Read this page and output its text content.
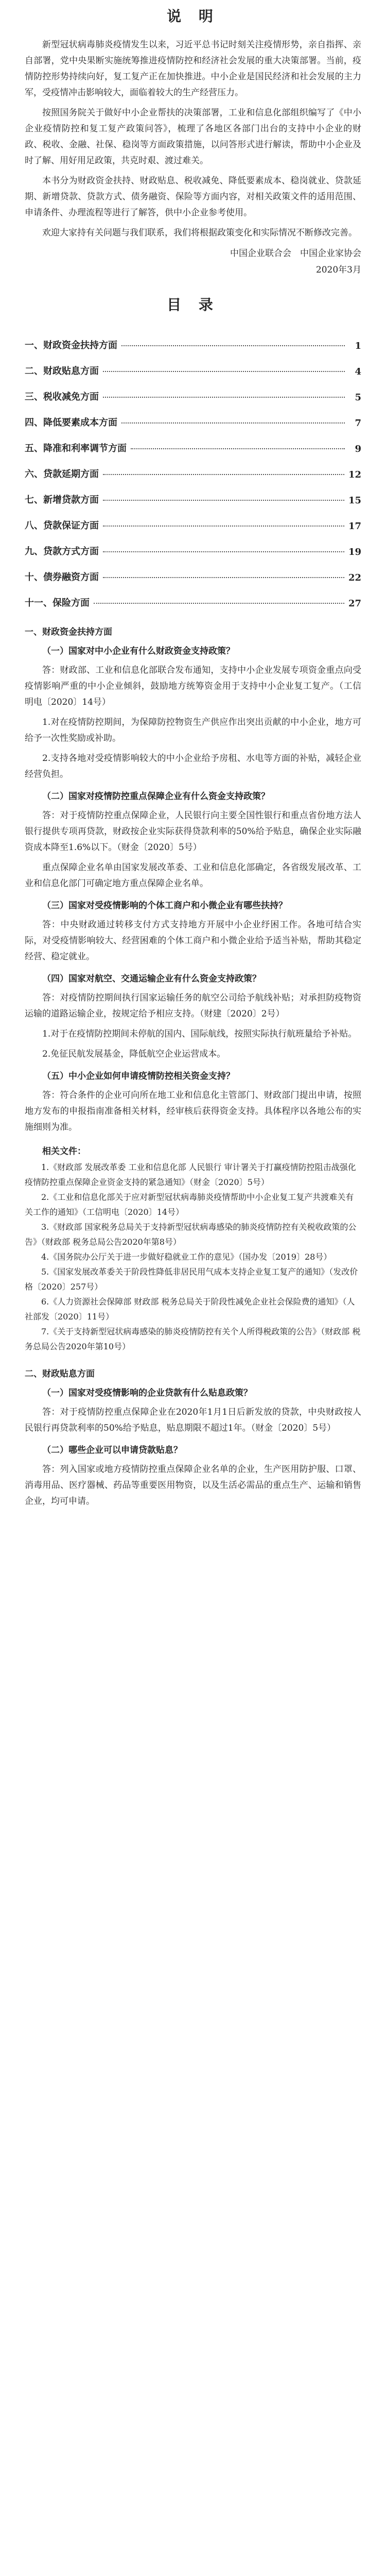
说 明

新型冠状病毒肺炎疫情发生以来，习近平总书记时刻关注疫情形势，亲自指挥、亲自部署，党中央果断实施统筹推进疫情防控和经济社会发展的重大决策部署。当前，疫情防控形势持续向好，复工复产正在加快推进。中小企业是国民经济和社会发展的主力军，受疫情冲击影响较大，面临着较大的生产经营压力。

按照国务院关于做好中小企业帮扶的决策部署，工业和信息化部组织编写了《中小企业疫情防控和复工复产政策问答》，梳理了各地区各部门出台的支持中小企业的财政、税收、金融、社保、稳岗等方面政策措施，以问答形式进行解读，帮助中小企业及时了解、用好用足政策，共克时艰、渡过难关。

本书分为财政资金扶持、财政贴息、税收减免、降低要素成本、稳岗就业、贷款延期、新增贷款、贷款方式、债务融资、保险等方面内容，对相关政策文件的适用范围、申请条件、办理流程等进行了解答，供中小企业参考使用。

欢迎大家持有关问题与我们联系，我们将根据政策变化和实际情况不断修改完善。

中国企业联合会　中国企业家协会
2020年3月
目 录
一、财政资金扶持方面	1
二、财政贴息方面	4
三、税收减免方面	5
四、降低要素成本方面	7
五、降准和利率调节方面	9
六、贷款延期方面	12
七、新增贷款方面	15
八、贷款保证方面	17
九、贷款方式方面	19
十、债券融资方面	22
十一、保险方面	27
一、财政资金扶持方面

（一）国家对中小企业有什么财政资金支持政策？

答：财政部、工业和信息化部联合发布通知，支持中小企业发展专项资金重点向受疫情影响严重的中小企业倾斜，鼓励地方统筹资金用于支持中小企业复工复产。（工信明电〔2020〕14号）

1.对在疫情防控期间，为保障防控物资生产供应作出突出贡献的中小企业，地方可给予一次性奖励或补助。

2.支持各地对受疫情影响较大的中小企业给予房租、水电等方面的补贴，减轻企业经营负担。

（二）国家对疫情防控重点保障企业有什么资金支持政策？

答：对于疫情防控重点保障企业，人民银行向主要全国性银行和重点省份地方法人银行提供专项再贷款，财政按企业实际获得贷款利率的50%给予贴息，确保企业实际融资成本降至1.6%以下。（财金〔2020〕5号）

重点保障企业名单由国家发展改革委、工业和信息化部确定，各省级发展改革、工业和信息化部门可确定地方重点保障企业名单。

（三）国家对受疫情影响的个体工商户和小微企业有哪些扶持？

答：中央财政通过转移支付方式支持地方开展中小企业纾困工作。各地可结合实际，对受疫情影响较大、经营困难的个体工商户和小微企业给予适当补贴，帮助其稳定经营、稳定就业。

（四）国家对航空、交通运输企业有什么资金支持政策？

答：对疫情防控期间执行国家运输任务的航空公司给予航线补贴；对承担防疫物资运输的道路运输企业，按规定给予相应支持。（财建〔2020〕2号）

1.对于在疫情防控期间未停航的国内、国际航线，按照实际执行航班量给予补贴。

2.免征民航发展基金，降低航空企业运营成本。

（五）中小企业如何申请疫情防控相关资金支持？

答：符合条件的企业可向所在地工业和信息化主管部门、财政部门提出申请，按照地方发布的申报指南准备相关材料，经审核后获得资金支持。具体程序以各地公布的实施细则为准。

相关文件：

1.《财政部 发展改革委 工业和信息化部 人民银行 审计署关于打赢疫情防控阻击战强化疫情防控重点保障企业资金支持的紧急通知》（财金〔2020〕5号）

2.《工业和信息化部关于应对新型冠状病毒肺炎疫情帮助中小企业复工复产共渡难关有关工作的通知》（工信明电〔2020〕14号）

3.《财政部 国家税务总局关于支持新型冠状病毒感染的肺炎疫情防控有关税收政策的公告》（财政部 税务总局公告2020年第8号）

4.《国务院办公厅关于进一步做好稳就业工作的意见》（国办发〔2019〕28号）

5.《国家发展改革委关于阶段性降低非居民用气成本支持企业复工复产的通知》（发改价格〔2020〕257号）

6.《人力资源社会保障部 财政部 税务总局关于阶段性减免企业社会保险费的通知》（人社部发〔2020〕11号）

7.《关于支持新型冠状病毒感染的肺炎疫情防控有关个人所得税政策的公告》（财政部 税务总局公告2020年第10号）

二、财政贴息方面

（一）国家对受疫情影响的企业贷款有什么贴息政策？

答：对于疫情防控重点保障企业在2020年1月1日后新发放的贷款，中央财政按人民银行再贷款利率的50%给予贴息，贴息期限不超过1年。（财金〔2020〕5号）

（二）哪些企业可以申请贷款贴息？

答：列入国家或地方疫情防控重点保障企业名单的企业，生产医用防护服、口罩、消毒用品、医疗器械、药品等重要医用物资，以及生活必需品的重点生产、运输和销售企业，均可申请。
